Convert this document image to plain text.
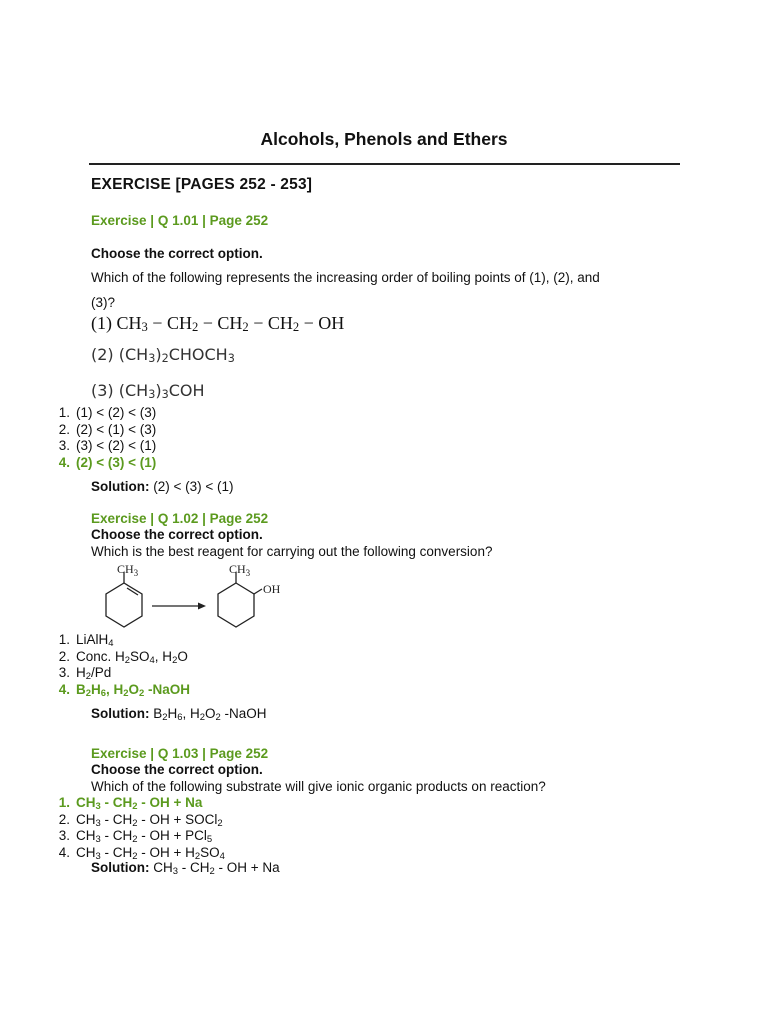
Alcohols, Phenols and Ethers
EXERCISE [PAGES 252 - 253]
Exercise | Q 1.01 | Page 252
Choose the correct option.
Which of the following represents the increasing order of boiling points of (1), (2), and
(3)?
(1) $CH_3 - CH_2 - CH_2 - CH_2$ − OH
(2) $(CH_3)_2CHOCH_3$
(3) $(CH_3)_3COH$
1. (1) < (2) < (3)
2. (2) < (1) < (3)
3. (3) < (2) < (1)
4. (2) < (3) < (1)
Solution: (2) < (3) < (1)
Exercise | Q 1.02 | Page 252
Choose the correct option.
Which is the best reagent for carrying out the following conversion?
$CH_3$	$CH_3$
OH
1. LiAlH$_4$
2. Conc. $H_2SO_4$, $H_2O$
3. $H_2/Pd$
4. $B_2H_6$, $H_2O_2$ -NaOH
Solution: $B_2H_6$, $H_2O_2$ -NaOH
Exercise | Q 1.03 | Page 252
Choose the correct option.
Which of the following substrate will give ionic organic products on reaction?
1. $CH_3 - CH_2$ - OH + Na
2. $CH_3 - CH_2$ - OH + SOCl$_2$
3. $CH_3 - CH_2$ - OH + PCl$_5$
4. $CH_3 - CH_2$ - OH + $H_2SO_4$
Solution: $CH_3 - CH_2$ - OH + Na
